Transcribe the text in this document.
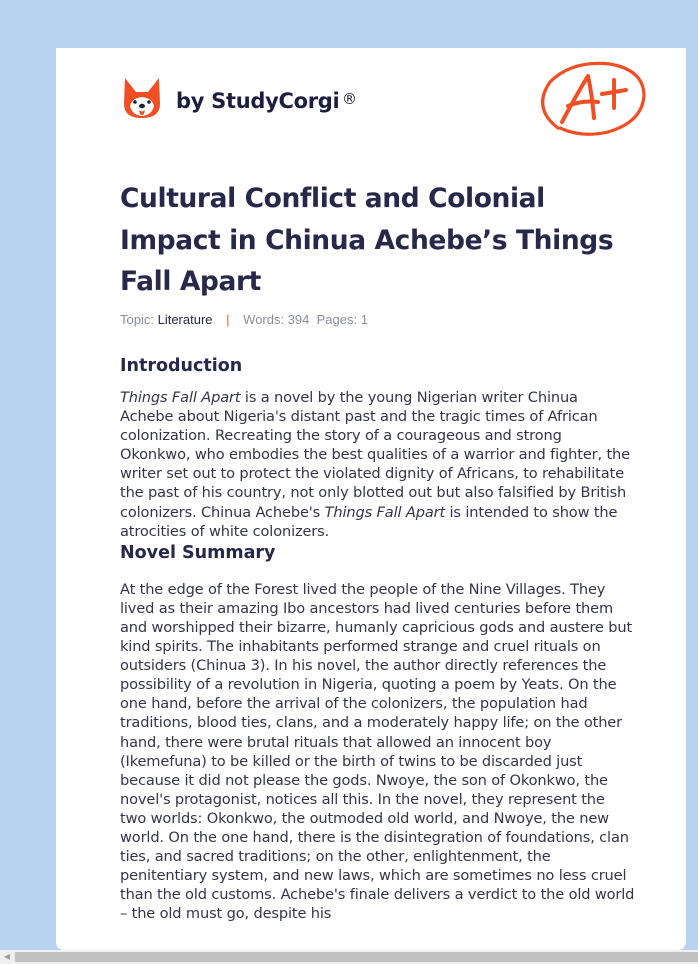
by StudyCorgi ®
Cultural Conflict and Colonial Impact in Chinua Achebe’s Things Fall Apart
Topic: Literature | Words: 394 Pages: 1
Introduction

Things Fall Apart is a novel by the young Nigerian writer Chinua Achebe about Nigeria's distant past and the tragic times of African colonization. Recreating the story of a courageous and strong Okonkwo, who embodies the best qualities of a warrior and fighter, the writer set out to protect the violated dignity of Africans, to rehabilitate the past of his country, not only blotted out but also falsified by British colonizers. Chinua Achebe's Things Fall Apart is intended to show the atrocities of white colonizers.

Novel Summary

At the edge of the Forest lived the people of the Nine Villages. They lived as their amazing Ibo ancestors had lived centuries before them and worshipped their bizarre, humanly capricious gods and austere but kind spirits. The inhabitants performed strange and cruel rituals on outsiders (Chinua 3). In his novel, the author directly references the possibility of a revolution in Nigeria, quoting a poem by Yeats. On the one hand, before the arrival of the colonizers, the population had traditions, blood ties, clans, and a moderately happy life; on the other hand, there were brutal rituals that allowed an innocent boy (Ikemefuna) to be killed or the birth of twins to be discarded just because it did not please the gods. Nwoye, the son of Okonkwo, the novel's protagonist, notices all this. In the novel, they represent the two worlds: Okonkwo, the outmoded old world, and Nwoye, the new world. On the one hand, there is the disintegration of foundations, clan ties, and sacred traditions; on the other, enlightenment, the penitentiary system, and new laws, which are sometimes no less cruel than the old customs. Achebe's finale delivers a verdict to the old world – the old must go, despite his

◀
